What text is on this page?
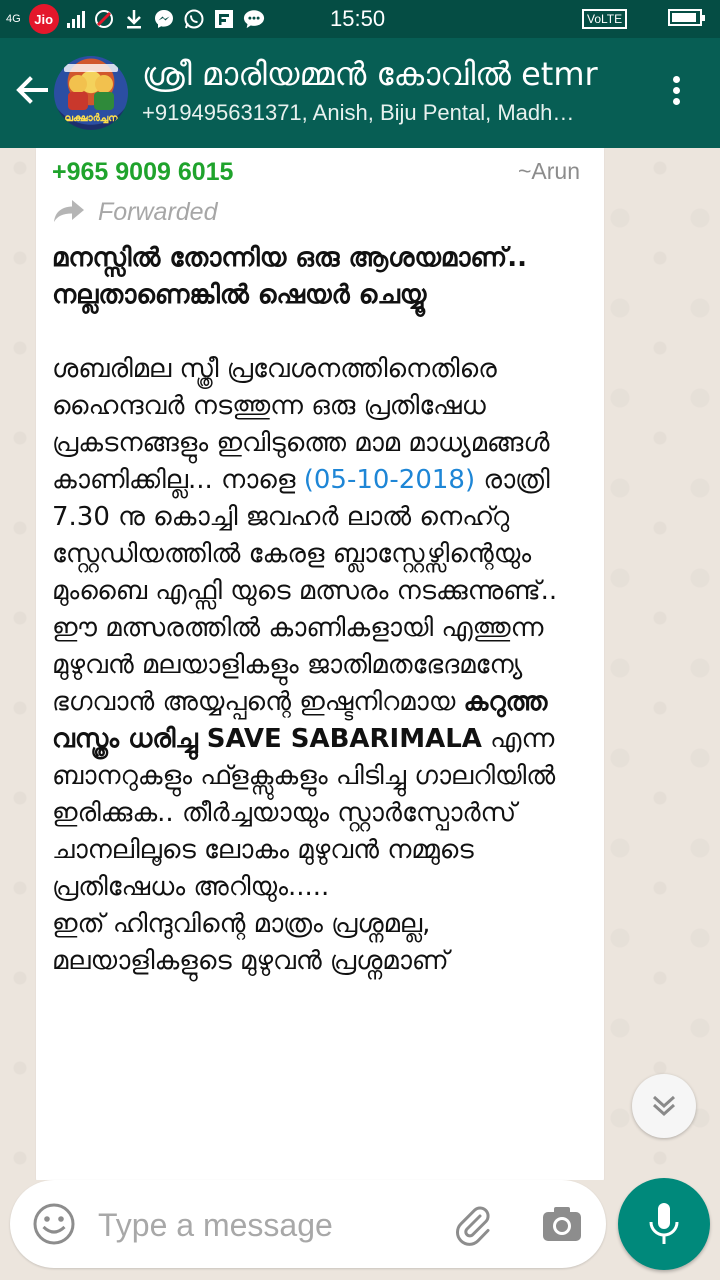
4G	Jio	15:50	VoLTE
ലക്ഷാർച്ചന
ശ്രീ മാരിയമ്മൻ കോവിൽ etmr
+919495631371, Anish, Biju Pental, Madh…
+965 9009 6015	~Arun
Forwarded

മനസ്സിൽ തോന്നിയ ഒരു ആശയമാണ്.. നല്ലതാണെങ്കിൽ ഷെയർ ചെയ്യൂ

ശബരിമല സ്ത്രീ പ്രവേശനത്തിനെതിരെ ഹൈന്ദവർ നടത്തുന്ന ഒരു പ്രതിഷേധ പ്രകടനങ്ങളും ഇവിടുത്തെ മാമ മാധ്യമങ്ങൾ കാണിക്കില്ല... നാളെ (05-10-2018) രാത്രി 7.30 നു കൊച്ചി ജവഹർ ലാൽ നെഹ്റു സ്റ്റേഡിയത്തിൽ കേരള ബ്ലാസ്റ്റേഴ്സിന്റെയും മുംബൈ എഫ്സി യുടെ മത്സരം നടക്കുന്നുണ്ട്.. ഈ മത്സരത്തിൽ കാണികളായി എത്തുന്ന മുഴുവൻ മലയാളികളും ജാതിമതഭേദമന്യേ ഭഗവാൻ അയ്യപ്പന്റെ ഇഷ്ടനിറമായ കറുത്ത വസ്ത്രം ധരിച്ചു SAVE SABARIMALA എന്ന ബാനറുകളും ഫ്ളക്സുകളും പിടിച്ചു ഗാലറിയിൽ ഇരിക്കുക.. തീർച്ചയായും സ്റ്റാർസ്പോർസ് ചാനലിലൂടെ ലോകം മുഴുവൻ നമ്മുടെ പ്രതിഷേധം അറിയും.....

ഇത് ഹിന്ദുവിന്റെ മാത്രം പ്രശ്നമല്ല, മലയാളികളുടെ മുഴുവൻ പ്രശ്നമാണ്

Type a message
